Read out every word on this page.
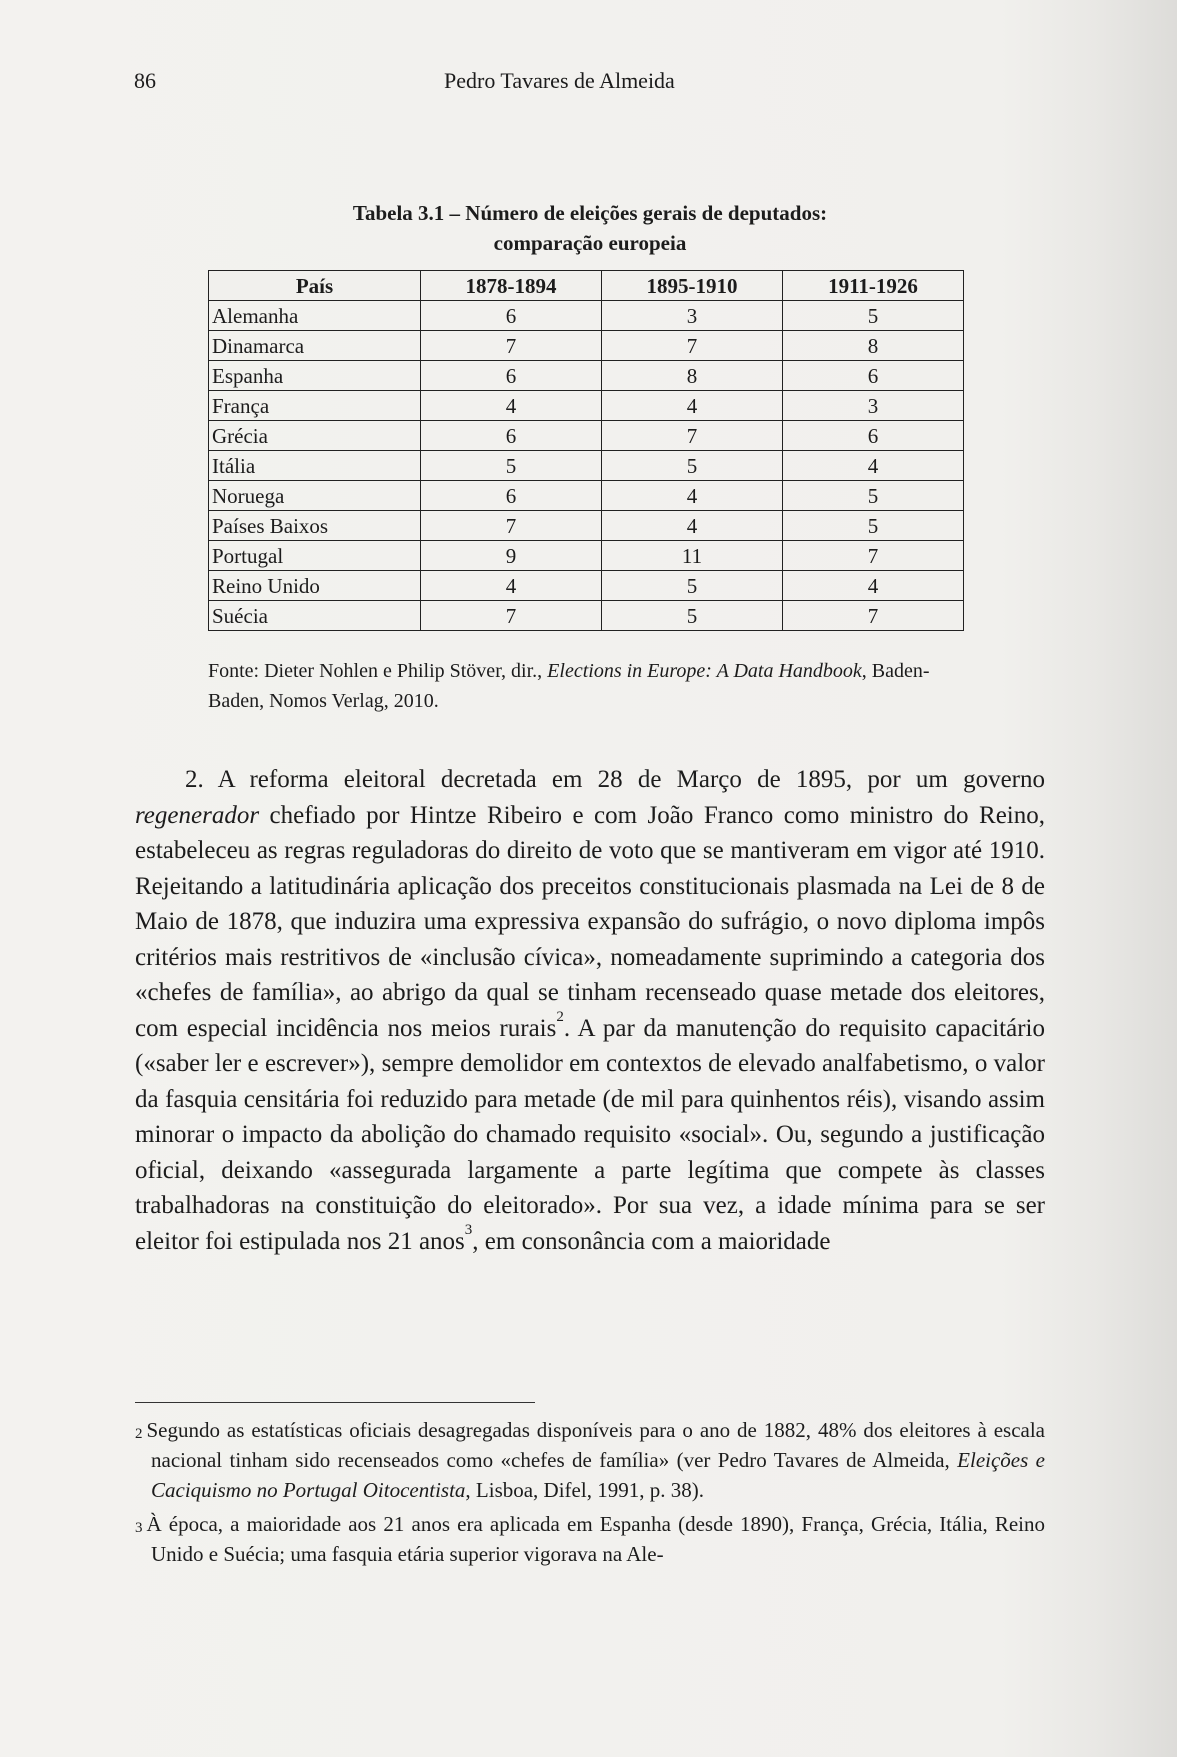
86	Pedro Tavares de Almeida
Tabela 3.1 – Número de eleições gerais de deputados:
comparação europeia
País	1878-1894	1895-1910	1911-1926
Alemanha	6	3	5
Dinamarca	7	7	8
Espanha	6	8	6
França	4	4	3
Grécia	6	7	6
Itália	5	5	4
Noruega	6	4	5
Países Baixos	7	4	5
Portugal	9	11	7
Reino Unido	4	5	4
Suécia	7	5	7
Fonte: Dieter Nohlen e Philip Stöver, dir., Elections in Europe: A Data Handbook, Baden-Baden, Nomos Verlag, 2010.

2. A reforma eleitoral decretada em 28 de Março de 1895, por um governo regenerador chefiado por Hintze Ribeiro e com João Franco como ministro do Reino, estabeleceu as regras reguladoras do direito de voto que se mantiveram em vigor até 1910. Rejeitando a latitudinária aplicação dos preceitos constitucionais plasmada na Lei de 8 de Maio de 1878, que induzira uma expressiva expansão do sufrágio, o novo diploma impôs critérios mais restritivos de «inclusão cívica», nomeadamente suprimindo a categoria dos «chefes de família», ao abrigo da qual se tinham recenseado quase metade dos eleitores, com especial incidência nos meios rurais$^2$. A par da manutenção do requisito capacitário («saber ler e escrever»), sempre demolidor em contextos de elevado analfabetismo, o valor da fasquia censitária foi reduzido para metade (de mil para quinhentos réis), visando assim minorar o impacto da abolição do chamado requisito «social». Ou, segundo a justificação oficial, deixando «assegurada largamente a parte legítima que compete às classes trabalhadoras na constituição do eleitorado». Por sua vez, a idade mínima para se ser eleitor foi estipulada nos 21 anos$^3$, em consonância com a maioridade

$^2$ Segundo as estatísticas oficiais desagregadas disponíveis para o ano de 1882, 48% dos eleitores à escala nacional tinham sido recenseados como «chefes de família» (ver Pedro Tavares de Almeida, Eleições e Caciquismo no Portugal Oitocentista, Lisboa, Difel, 1991, p. 38).

$^3$ À época, a maioridade aos 21 anos era aplicada em Espanha (desde 1890), França, Grécia, Itália, Reino Unido e Suécia; uma fasquia etária superior vigorava na Ale-
